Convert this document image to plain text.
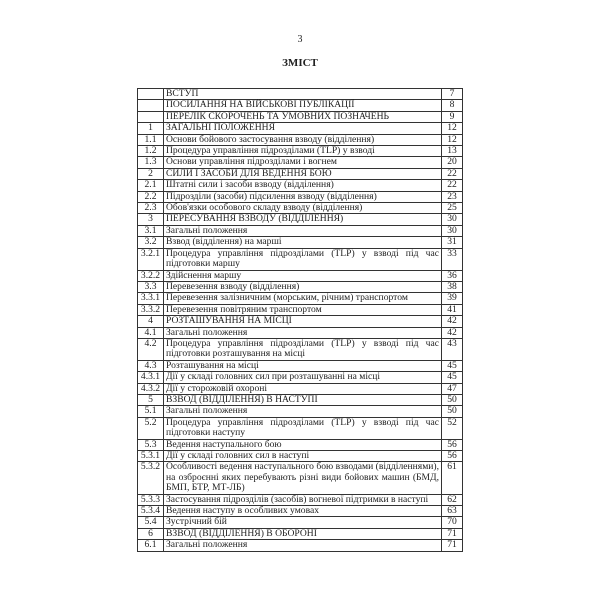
3
ЗМІСТ
	ВСТУП	7
	ПОСИЛАННЯ НА ВІЙСЬКОВІ ПУБЛІКАЦІЇ	8
	ПЕРЕЛІК СКОРОЧЕНЬ ТА УМОВНИХ ПОЗНАЧЕНЬ	9
1	ЗАГАЛЬНІ ПОЛОЖЕННЯ	12
1.1	Основи бойового застосування взводу (відділення)	12
1.2	Процедура управління підрозділами (TLP) у взводі	13
1.3	Основи управління підрозділами і вогнем	20
2	СИЛИ І ЗАСОБИ ДЛЯ ВЕДЕННЯ БОЮ	22
2.1	Штатні сили і засоби взводу (відділення)	22
2.2	Підрозділи (засоби) підсилення взводу (відділення)	23
2.3	Обов'язки особового складу взводу (відділення)	25
3	ПЕРЕСУВАННЯ ВЗВОДУ (ВІДДІЛЕННЯ)	30
3.1	Загальні положення	30
3.2	Взвод (відділення) на марші	31
3.2.1	Процедура управління підрозділами (TLP) у взводі під час підготовки маршу	33
3.2.2	Здійснення маршу	36
3.3	Перевезення взводу (відділення)	38
3.3.1	Перевезення залізничним (морським, річним) транспортом	39
3.3.2	Перевезення повітряним транспортом	41
4	РОЗТАШУВАННЯ НА МІСЦІ	42
4.1	Загальні положення	42
4.2	Процедура управління підрозділами (TLP) у взводі під час підготовки розташування на місці	43
4.3	Розташування на місці	45
4.3.1	Дії у складі головних сил при розташуванні на місці	45
4.3.2	Дії у сторожовій охороні	47
5	ВЗВОД (ВІДДІЛЕННЯ) В НАСТУПІ	50
5.1	Загальні положення	50
5.2	Процедура управління підрозділами (TLP) у взводі під час підготовки наступу	52
5.3	Ведення наступального бою	56
5.3.1	Дії у складі головних сил в наступі	56
5.3.2	Особливості ведення наступального бою взводами (відділеннями), на озброєнні яких перебувають різні види бойових машин (БМД, БМП, БТР, МТ-ЛБ)	61
5.3.3	Застосування підрозділів (засобів) вогневої підтримки в наступі	62
5.3.4	Ведення наступу в особливих умовах	63
5.4	Зустрічний бій	70
6	ВЗВОД (ВІДДІЛЕННЯ) В ОБОРОНІ	71
6.1	Загальні положення	71
